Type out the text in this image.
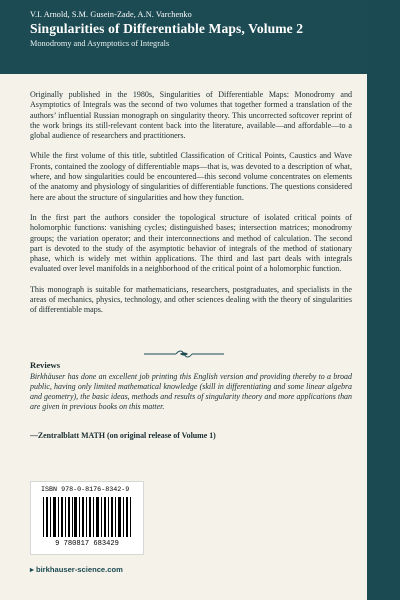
V.I. Arnold, S.M. Gusein-Zade, A.N. Varchenko
Singularities of Differentiable Maps, Volume 2
Monodromy and Asymptotics of Integrals

Originally published in the 1980s, Singularities of Differentiable Maps: Monodromy and Asymptotics of Integrals was the second of two volumes that together formed a translation of the authors’ influential Russian monograph on singularity theory. This uncorrected softcover reprint of the work brings its still-relevant content back into the literature, available—and affordable—to a global audience of researchers and practitioners.

While the first volume of this title, subtitled Classification of Critical Points, Caustics and Wave Fronts, contained the zoology of differentiable maps—that is, was devoted to a description of what, where, and how singularities could be encountered—this second volume concentrates on elements of the anatomy and physiology of singularities of differentiable functions. The questions considered here are about the structure of singularities and how they function.

In the first part the authors consider the topological structure of isolated critical points of holomorphic functions: vanishing cycles; distinguished bases; intersection matrices; monodromy groups; the variation operator; and their interconnections and method of calculation. The second part is devoted to the study of the asymptotic behavior of integrals of the method of stationary phase, which is widely met within applications. The third and last part deals with integrals evaluated over level manifolds in a neighborhood of the critical point of a holomorphic function.

This monograph is suitable for mathematicians, researchers, postgraduates, and specialists in the areas of mechanics, physics, technology, and other sciences dealing with the theory of singularities of differentiable maps.

Reviews
Birkhäuser has done an excellent job printing this English version and providing thereby to a broad public, having only limited mathematical knowledge (skill in differentiating and some linear algebra and geometry), the basic ideas, methods and results of singularity theory and more applications than are given in previous books on this matter.
—Zentralblatt MATH (on original release of Volume 1)
ISBN 978-0-8176-8342-9
9 780817 683429
▸ birkhauser-science.com
